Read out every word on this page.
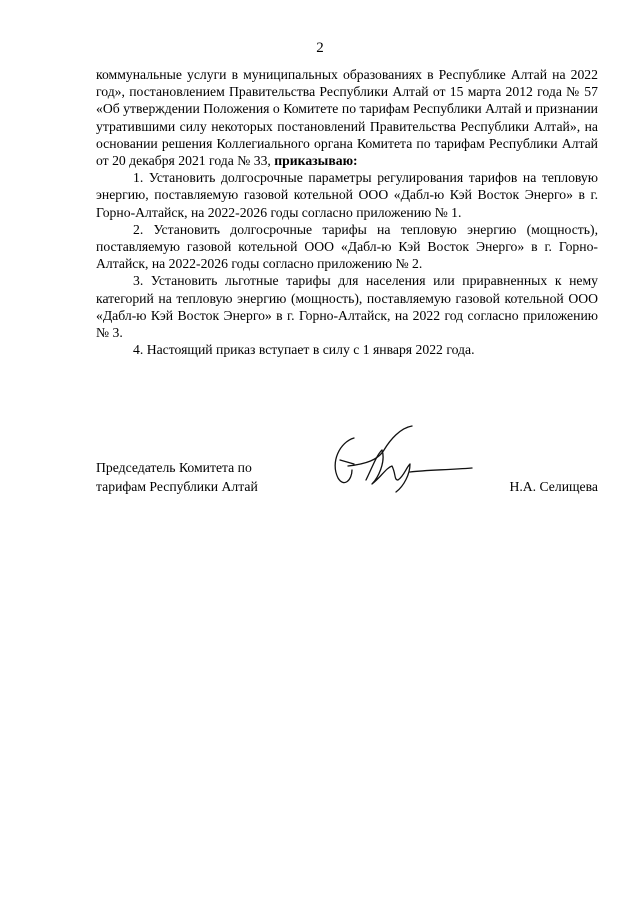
2

коммунальные услуги в муниципальных образованиях в Республике Алтай на 2022 год», постановлением Правительства Республики Алтай от 15 марта 2012 года № 57 «Об утверждении Положения о Комитете по тарифам Республики Алтай и признании утратившими силу некоторых постановлений Правительства Республики Алтай», на основании решения Коллегиального органа Комитета по тарифам Республики Алтай от 20 декабря 2021 года № 33, приказываю:

1. Установить долгосрочные параметры регулирования тарифов на тепловую энергию, поставляемую газовой котельной ООО «Дабл-ю Кэй Восток Энерго» в г. Горно-Алтайск, на 2022-2026 годы согласно приложению № 1.

2. Установить долгосрочные тарифы на тепловую энергию (мощность), поставляемую газовой котельной ООО «Дабл-ю Кэй Восток Энерго» в г. Горно-Алтайск, на 2022-2026 годы согласно приложению № 2.

3. Установить льготные тарифы для населения или приравненных к нему категорий на тепловую энергию (мощность), поставляемую газовой котельной ООО «Дабл-ю Кэй Восток Энерго» в г. Горно-Алтайск, на 2022 год согласно приложению № 3.

4. Настоящий приказ вступает в силу с 1 января 2022 года.

Председатель Комитета по
тарифам Республики Алтай	Н.А. Селищева
